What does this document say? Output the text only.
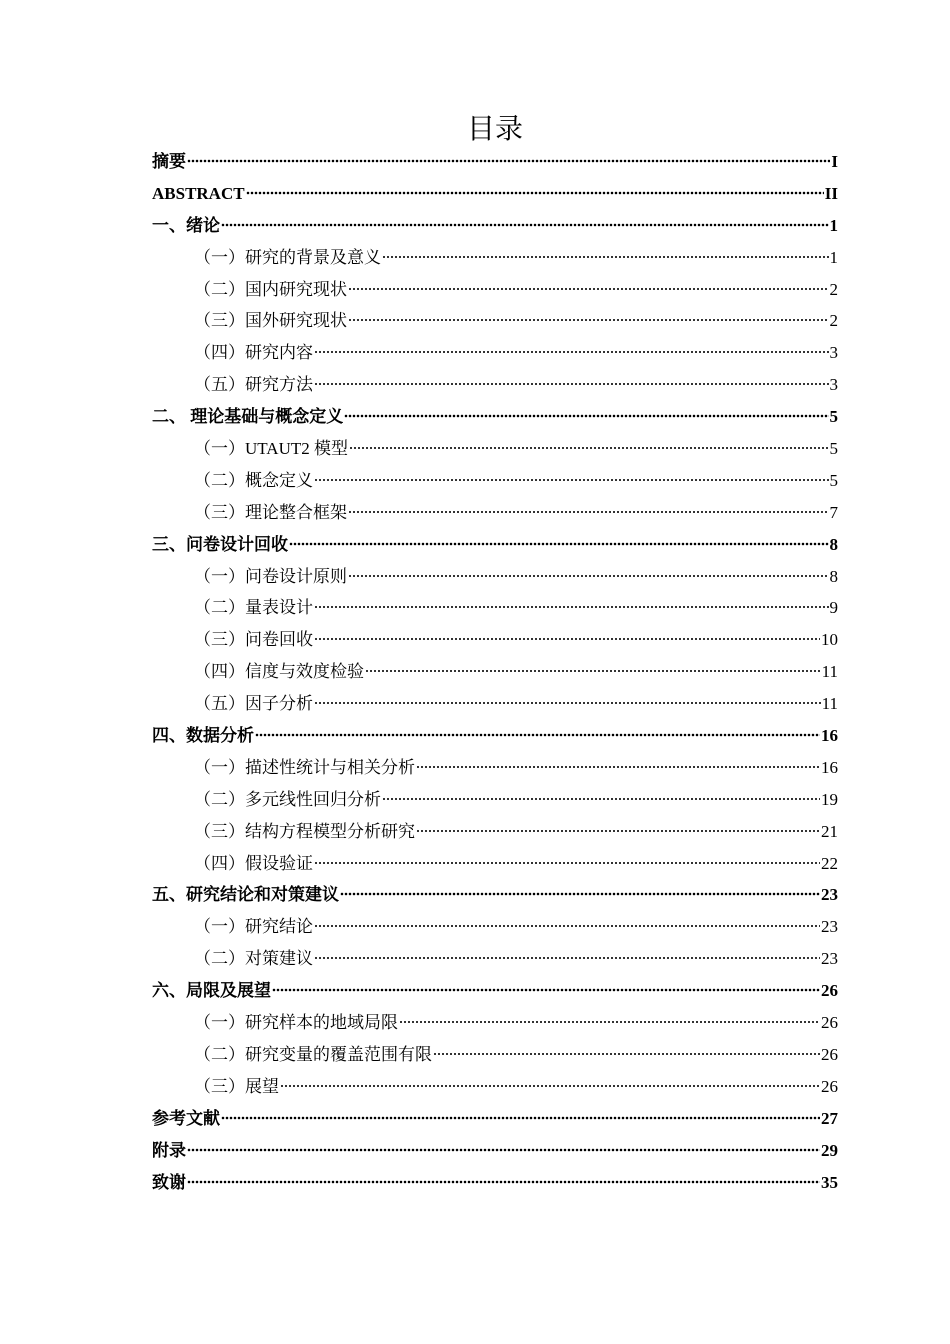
目录
摘要	I
ABSTRACT	II
一、绪论	1
（一）研究的背景及意义	1
（二）国内研究现状	2
（三）国外研究现状	2
（四）研究内容	3
（五）研究方法	3
二、 理论基础与概念定义	5
（一）UTAUT2 模型	5
（二）概念定义	5
（三）理论整合框架	7
三、问卷设计回收	8
（一）问卷设计原则	8
（二）量表设计	9
（三）问卷回收	10
（四）信度与效度检验	11
（五）因子分析	11
四、数据分析	16
（一）描述性统计与相关分析	16
（二）多元线性回归分析	19
（三）结构方程模型分析研究	21
（四）假设验证	22
五、研究结论和对策建议	23
（一）研究结论	23
（二）对策建议	23
六、局限及展望	26
（一）研究样本的地域局限	26
（二）研究变量的覆盖范围有限	26
（三）展望	26
参考文献	27
附录	29
致谢	35
